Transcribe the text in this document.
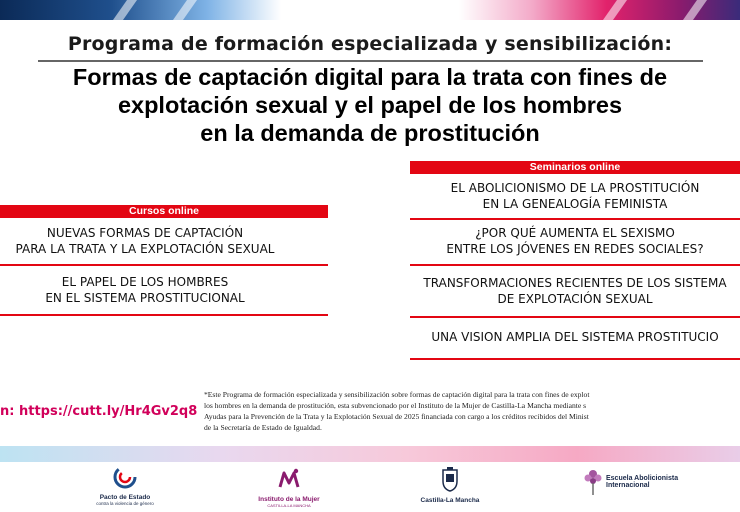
Programa de formación especializada y sensibilización:
Formas de captación digital para la trata con fines de
explotación sexual y el papel de los hombres
en la demanda de prostitución
Cursos online
NUEVAS FORMAS DE CAPTACIÓN
PARA LA TRATA Y LA EXPLOTACIÓN SEXUAL
EL PAPEL DE LOS HOMBRES
EN EL SISTEMA PROSTITUCIONAL
Seminarios online
EL ABOLICIONISMO DE LA PROSTITUCIÓN
EN LA GENEALOGÍA FEMINISTA
¿POR QUÉ AUMENTA EL SEXISMO
ENTRE LOS JÓVENES EN REDES SOCIALES?
TRANSFORMACIONES RECIENTES DE LOS SISTEMA
DE EXPLOTACIÓN SEXUAL
UNA VISION AMPLIA DEL SISTEMA PROSTITUCIO
n: https://cutt.ly/Hr4Gv2q8
*Este Programa de formación especializada y sensibilización sobre formas de captación digital para la trata con fines de explot
los hombres en la demanda de prostitución, esta subvencionado por el Instituto de la Mujer de Castilla-La Mancha mediante s
Ayudas para la Prevención de la Trata y la Explotación Sexual de 2025 financiada con cargo a los créditos recibidos del Minist
de la Secretaría de Estado de Igualdad.
Pacto de Estado
contra la violencia de género
Instituto de la Mujer
CASTILLA-LA MANCHA
Castilla-La Mancha
Escuela Abolicionista
Internacional
